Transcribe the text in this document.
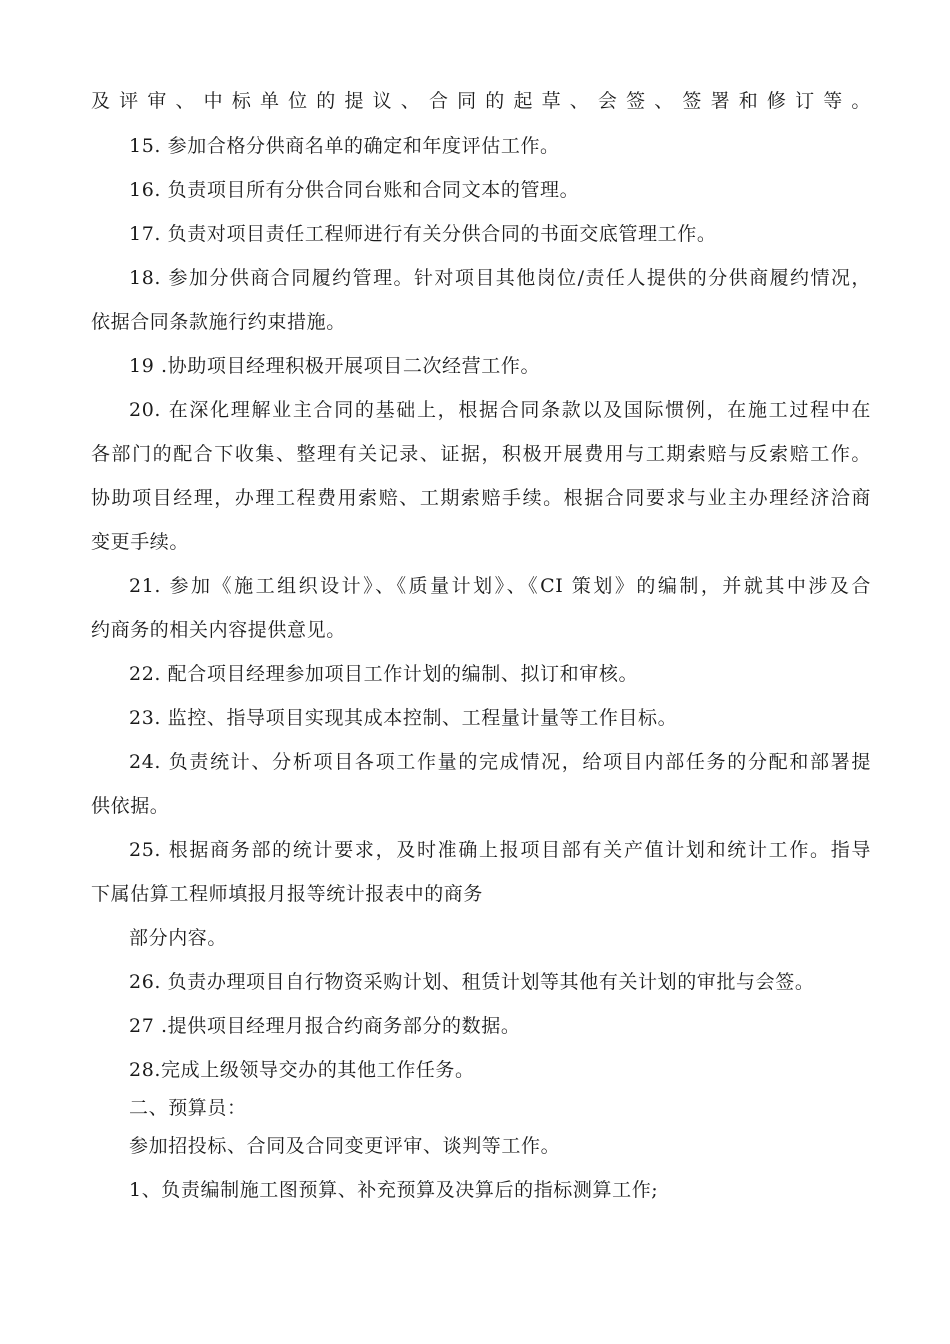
及评审、中标单位的提议、合同的起草、会签、签署和修订等。
15. 参加合格分供商名单的确定和年度评估工作。
16. 负责项目所有分供合同台账和合同文本的管理。
17. 负责对项目责任工程师进行有关分供合同的书面交底管理工作。
18. 参加分供商合同履约管理。针对项目其他岗位/责任人提供的分供商履约情况，
依据合同条款施行约束措施。
19 .协助项目经理积极开展项目二次经营工作。
20. 在深化理解业主合同的基础上，根据合同条款以及国际惯例，在施工过程中在
各部门的配合下收集、整理有关记录、证据，积极开展费用与工期索赔与反索赔工作。
协助项目经理，办理工程费用索赔、工期索赔手续。根据合同要求与业主办理经济洽商
变更手续。
21. 参加《施工组织设计》、《质量计划》、《CI 策划》的编制，并就其中涉及合
约商务的相关内容提供意见。
22. 配合项目经理参加项目工作计划的编制、拟订和审核。
23. 监控、指导项目实现其成本控制、工程量计量等工作目标。
24. 负责统计、分析项目各项工作量的完成情况，给项目内部任务的分配和部署提
供依据。
25. 根据商务部的统计要求，及时准确上报项目部有关产值计划和统计工作。指导
下属估算工程师填报月报等统计报表中的商务
部分内容。
26. 负责办理项目自行物资采购计划、租赁计划等其他有关计划的审批与会签。
27 .提供项目经理月报合约商务部分的数据。
28.完成上级领导交办的其他工作任务。
二、预算员：
参加招投标、合同及合同变更评审、谈判等工作。
1、负责编制施工图预算、补充预算及决算后的指标测算工作;
